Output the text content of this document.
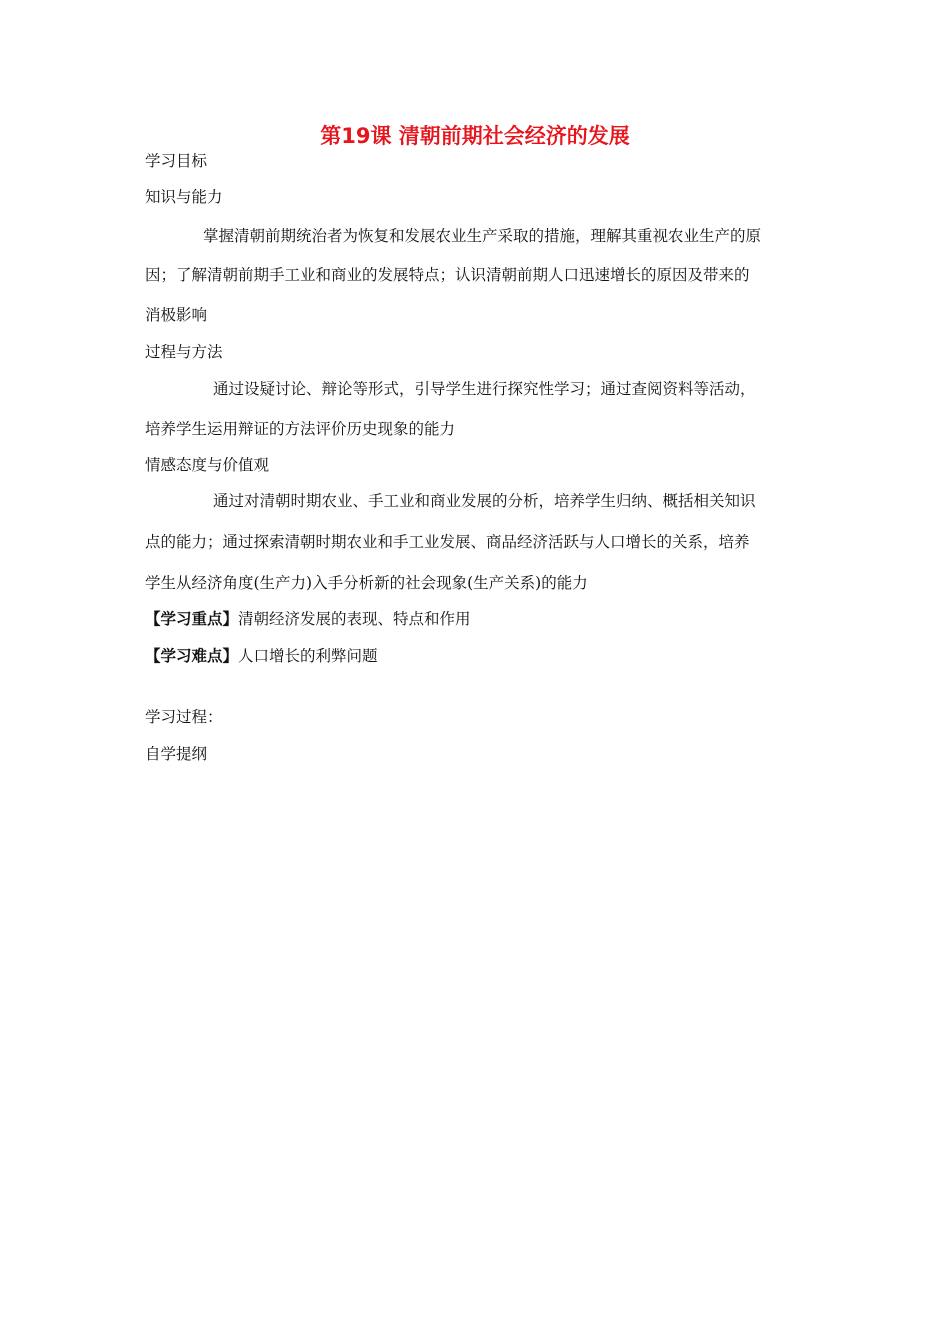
第19课 清朝前期社会经济的发展
学习目标
知识与能力
掌握清朝前期统治者为恢复和发展农业生产采取的措施，理解其重视农业生产的原
因；了解清朝前期手工业和商业的发展特点；认识清朝前期人口迅速增长的原因及带来的
消极影响
过程与方法
通过设疑讨论、辩论等形式，引导学生进行探究性学习；通过查阅资料等活动，
培养学生运用辩证的方法评价历史现象的能力
情感态度与价值观
通过对清朝时期农业、手工业和商业发展的分析，培养学生归纳、概括相关知识
点的能力；通过探索清朝时期农业和手工业发展、商品经济活跃与人口增长的关系，培养
学生从经济角度(生产力)入手分析新的社会现象(生产关系)的能力
【学习重点】清朝经济发展的表现、特点和作用
【学习难点】人口增长的利弊问题
学习过程：
自学提纲
